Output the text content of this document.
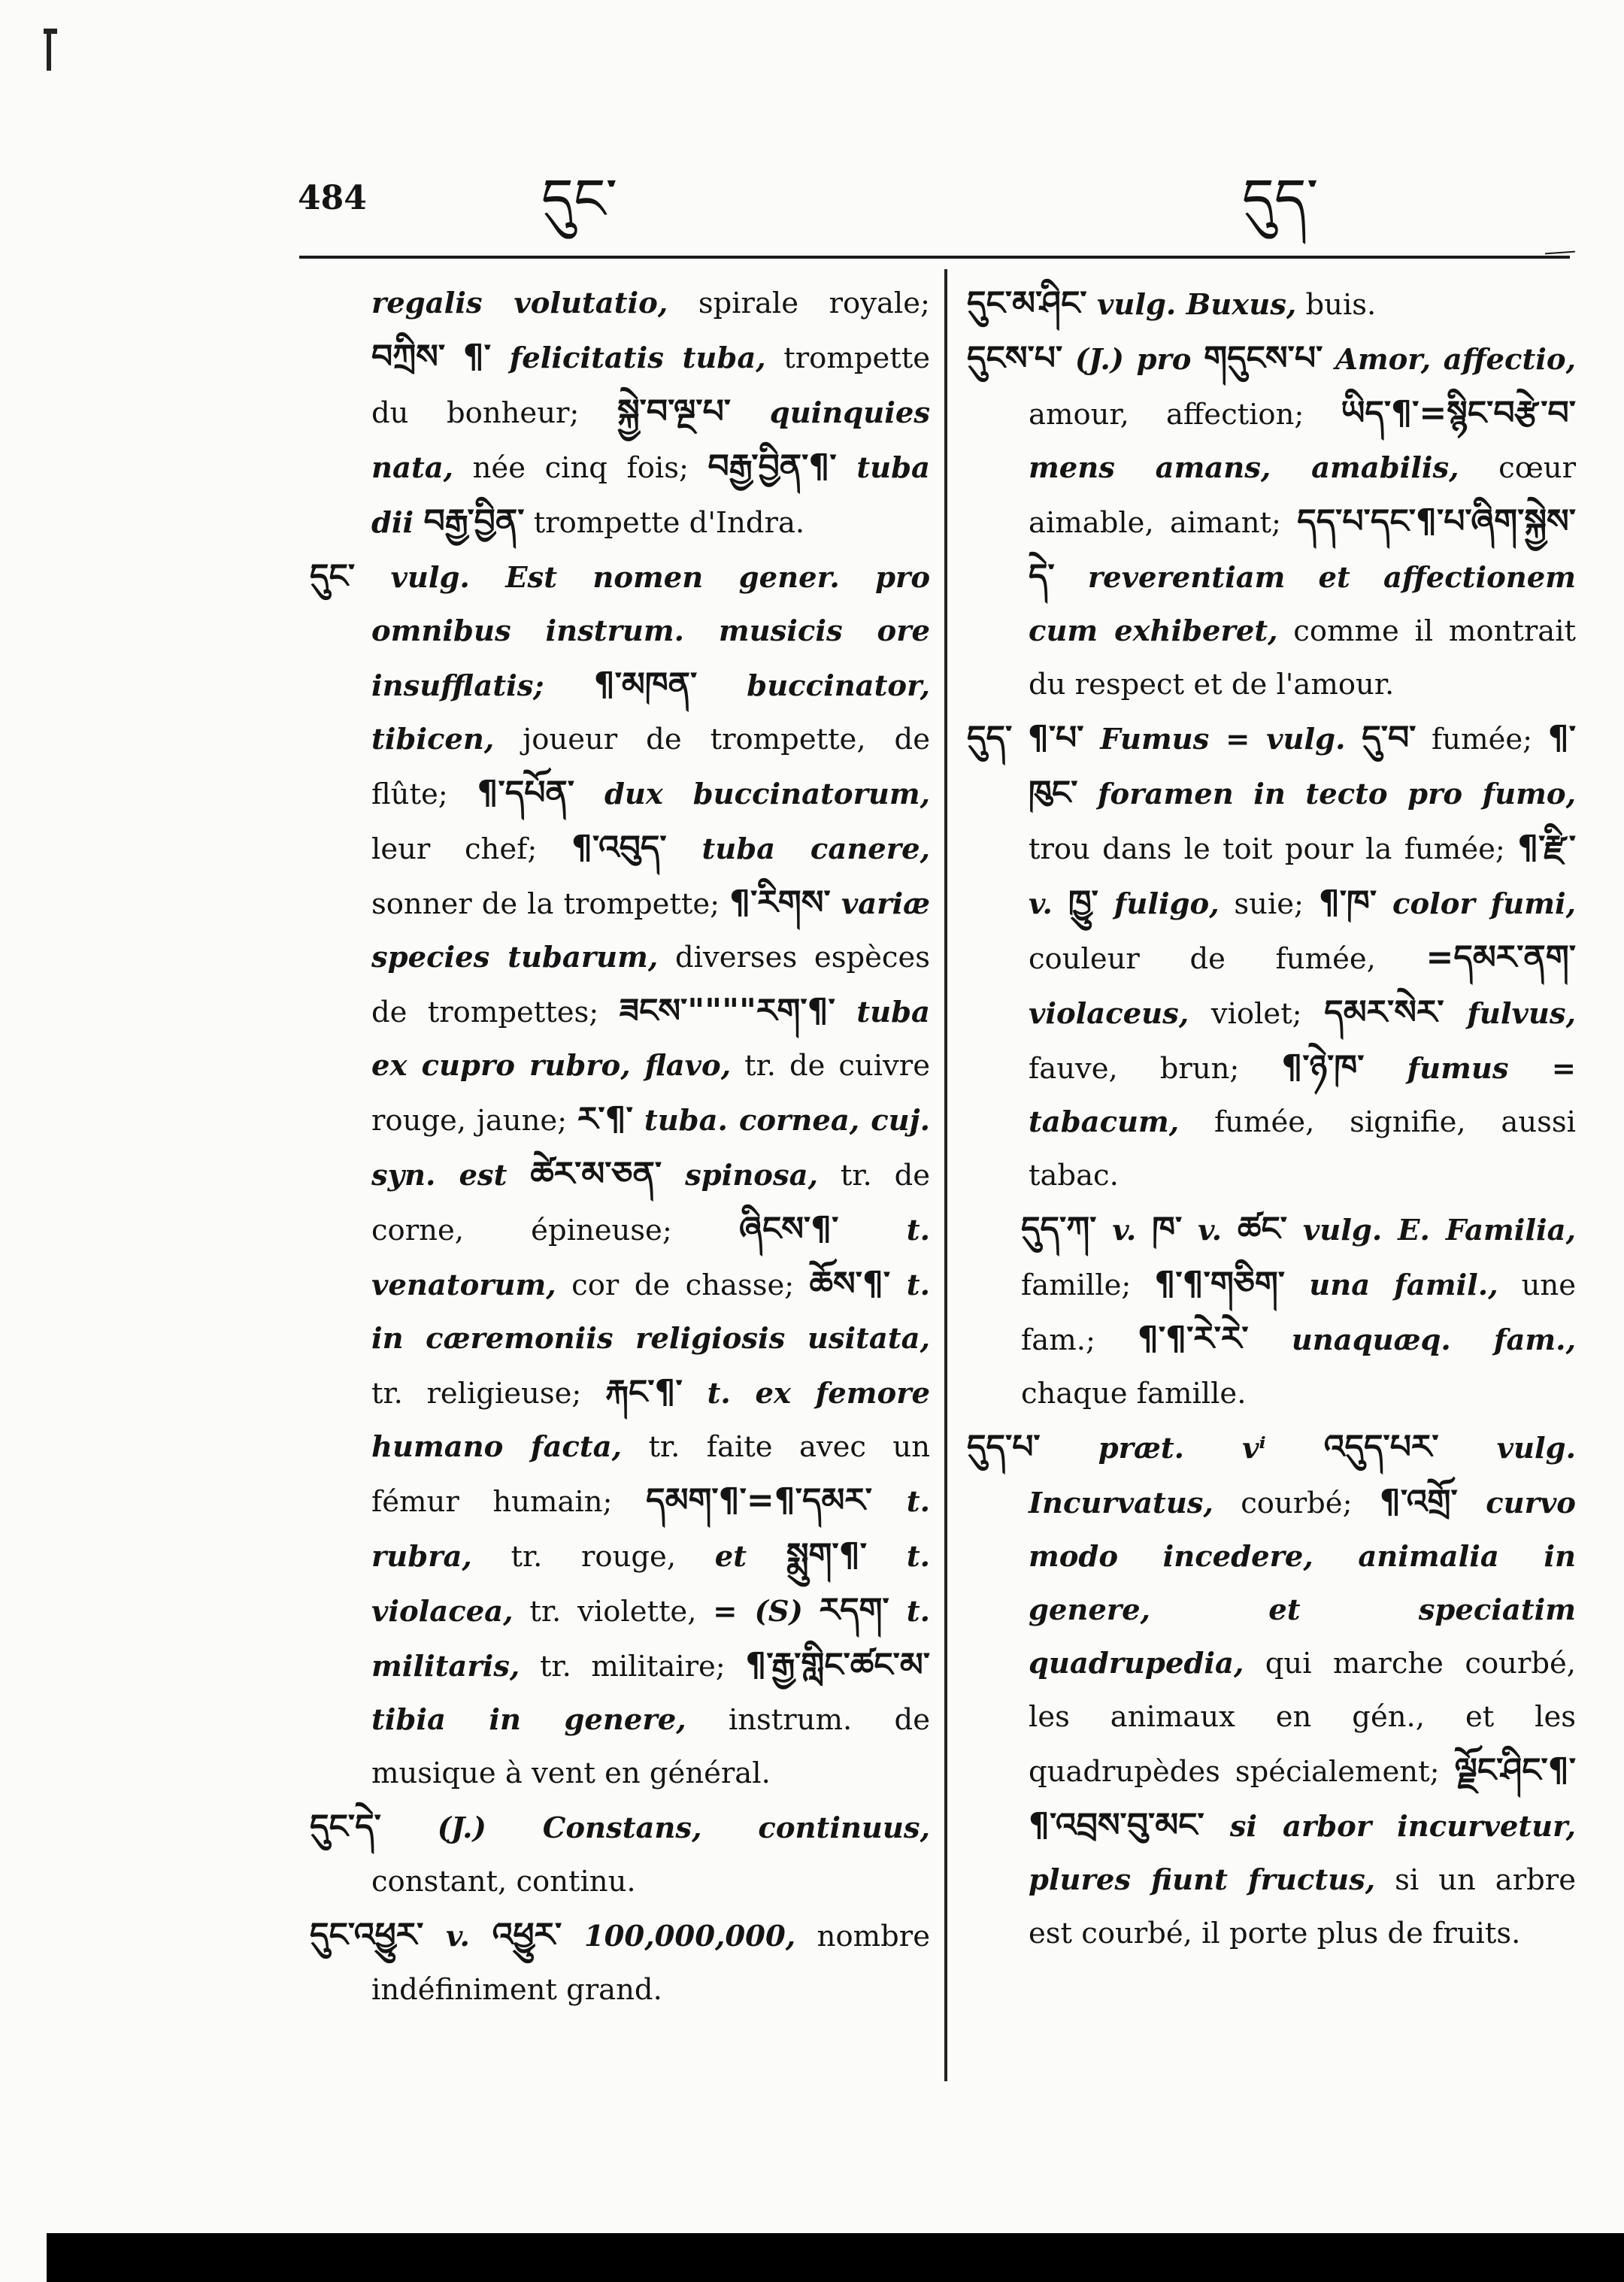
484	དུང་	དུད་

regalis volutatio, spirale royale; བཀྲིས་ ¶་ felicitatis tuba, trompette du bonheur; སྐྱེ་བ་ལྔ་པ་ quinquies nata, née cinq fois; བརྒྱ་བྱིན་¶་ tuba dii བརྒྱ་བྱིན་ trompette d'Indra.

དུང་ vulg. Est nomen gener. pro omnibus instrum. musicis ore insufflatis; ¶་མཁན་ buccinator, tibicen, joueur de trompette, de flûte; ¶་དཔོན་ dux buccinatorum, leur chef; ¶་འབུད་ tuba canere, sonner de la trompette; ¶་རིགས་ variæ species tubarum, diverses espèces de trompettes; ཟངས་""""རག་¶་ tuba ex cupro rubro, flavo, tr. de cuivre rouge, jaune; ར་¶་ tuba. cornea, cuj. syn. est ཚེར་མ་ཅན་ spinosa, tr. de corne, épineuse; ཞིངས་¶་ t. venatorum, cor de chasse; ཆོས་¶་ t. in cæremoniis religiosis usitata, tr. religieuse; རྐང་¶་ t. ex femore humano facta, tr. faite avec un fémur humain; དམག་¶་=¶་དམར་ t. rubra, tr. rouge, et སྨུག་¶་ t. violacea, tr. violette, = (S) རདག་ t. militaris, tr. militaire; ¶་རྒྱ་གླིང་ཚང་མ་ tibia in genere, instrum. de musique à vent en général.

དུང་དེ་ (J.) Constans, continuus, constant, continu.

དུང་འཕྱུར་ v. འཕྱུར་ 100,000,000, nombre indéfiniment grand.

དུང་མ་ཤིང་ vulg. Buxus, buis.

དུངས་པ་ (J.) pro གདུངས་པ་ Amor, affectio, amour, affection; ཡིད་¶་=སྙིང་བརྩེ་བ་ mens amans, amabilis, cœur aimable, aimant; དད་པ་དང་¶་པ་ཞིག་སྐྱེས་དེ་ reverentiam et affectionem cum exhiberet, comme il montrait du respect et de l'amour.

དུད་ ¶་པ་ Fumus = vulg. དུ་བ་ fumée; ¶་ཁུང་ foramen in tecto pro fumo, trou dans le toit pour la fumée; ¶་རྫི་ v. ཁྱུ་ fuligo, suie; ¶་ཁ་ color fumi, couleur de fumée, =དམར་ནག་ violaceus, violet; དམར་སེར་ fulvus, fauve, brun; ¶་ཉེ་ཁ་ fumus = tabacum, fumée, signifie, aussi tabac.

དུད་ཀ་ v. ཁ་ v. ཚང་ vulg. E. Familia, famille; ¶་¶་གཅིག་ una famil., une fam.; ¶་¶་རེ་རེ་ unaquæq. fam., chaque famille.

དུད་པ་ præt. vⁱ འདུད་པར་ vulg. Incurvatus, courbé; ¶་འགྲོ་ curvo modo incedere, animalia in genere, et speciatim quadrupedia, qui marche courbé, les animaux en gén., et les quadrupèdes spécialement; ལྗོང་ཤིང་¶་¶་འབྲས་བུ་མང་ si arbor incurvetur, plures fiunt fructus, si un arbre est courbé, il porte plus de fruits.
